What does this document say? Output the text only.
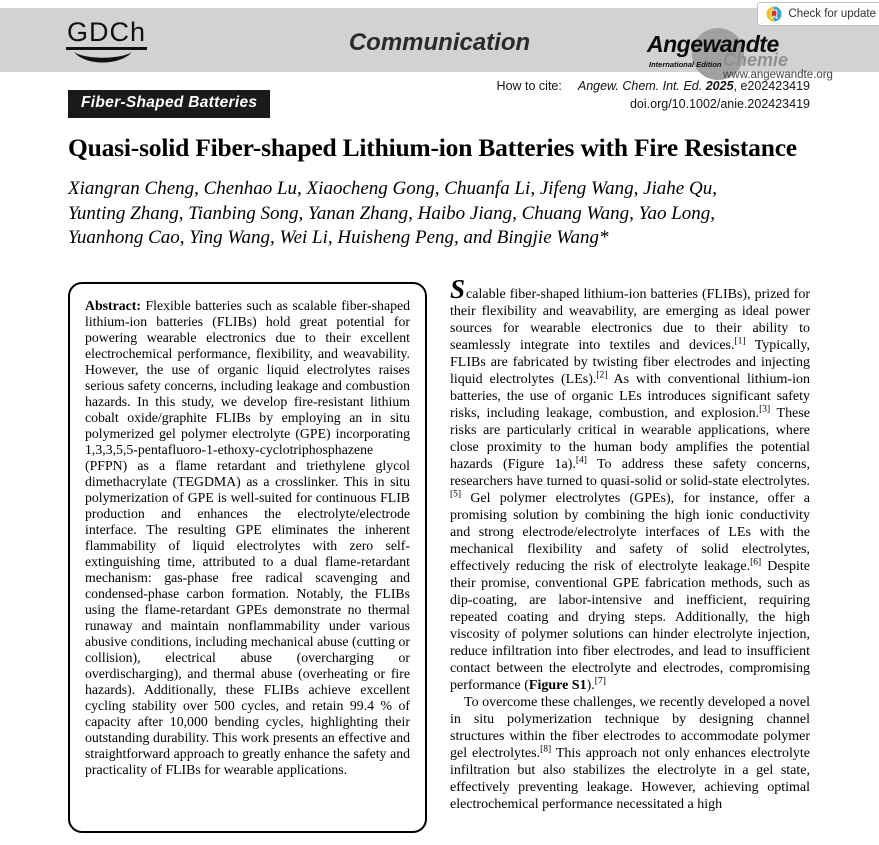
GDCh	Communication	Angewandte
International Edition Chemie
www.angewandte.org
Check for update
How to cite: Angew. Chem. Int. Ed. 2025, e202423419
doi.org/10.1002/anie.202423419
Fiber-Shaped Batteries
Quasi-solid Fiber-shaped Lithium-ion Batteries with Fire Resistance
Xiangran Cheng, Chenhao Lu, Xiaocheng Gong, Chuanfa Li, Jifeng Wang, Jiahe Qu,
Yunting Zhang, Tianbing Song, Yanan Zhang, Haibo Jiang, Chuang Wang, Yao Long,
Yuanhong Cao, Ying Wang, Wei Li, Huisheng Peng, and Bingjie Wang*
Abstract: Flexible batteries such as scalable fiber-shaped lithium-ion batteries (FLIBs) hold great potential for powering wearable electronics due to their excellent electrochemical performance, flexibility, and weavability. However, the use of organic liquid electrolytes raises serious safety concerns, including leakage and combustion hazards. In this study, we develop fire-resistant lithium cobalt oxide/graphite FLIBs by employing an in situ polymerized gel polymer electrolyte (GPE) incorporating 1,3,3,5,5-pentafluoro-1-ethoxy-cyclotriphosphazene (PFPN) as a flame retardant and triethylene glycol dimethacrylate (TEGDMA) as a crosslinker. This in situ polymerization of GPE is well-suited for continuous FLIB production and enhances the electrolyte/electrode interface. The resulting GPE eliminates the inherent flammability of liquid electrolytes with zero self-extinguishing time, attributed to a dual flame-retardant mechanism: gas-phase free radical scavenging and condensed-phase carbon formation. Notably, the FLIBs using the flame-retardant GPEs demonstrate no thermal runaway and maintain nonflammability under various abusive conditions, including mechanical abuse (cutting or collision), electrical abuse (overcharging or overdischarging), and thermal abuse (overheating or fire hazards). Additionally, these FLIBs achieve excellent cycling stability over 500 cycles, and retain 99.4 % of capacity after 10,000 bending cycles, highlighting their outstanding durability. This work presents an effective and straightforward approach to greatly enhance the safety and practicality of FLIBs for wearable applications.

Scalable fiber-shaped lithium-ion batteries (FLIBs), prized for their flexibility and weavability, are emerging as ideal power sources for wearable electronics due to their ability to seamlessly integrate into textiles and devices.[1] Typically, FLIBs are fabricated by twisting fiber electrodes and injecting liquid electrolytes (LEs).[2] As with conventional lithium-ion batteries, the use of organic LEs introduces significant safety risks, including leakage, combustion, and explosion.[3] These risks are particularly critical in wearable applications, where close proximity to the human body amplifies the potential hazards (Figure 1a).[4] To address these safety concerns, researchers have turned to quasi-solid or solid-state electrolytes.[5] Gel polymer electrolytes (GPEs), for instance, offer a promising solution by combining the high ionic conductivity and strong electrode/electrolyte interfaces of LEs with the mechanical flexibility and safety of solid electrolytes, effectively reducing the risk of electrolyte leakage.[6] Despite their promise, conventional GPE fabrication methods, such as dip-coating, are labor-intensive and inefficient, requiring repeated coating and drying steps. Additionally, the high viscosity of polymer solutions can hinder electrolyte injection, reduce infiltration into fiber electrodes, and lead to insufficient contact between the electrolyte and electrodes, compromising performance (Figure S1).[7]

To overcome these challenges, we recently developed a novel in situ polymerization technique by designing channel structures within the fiber electrodes to accommodate polymer gel electrolytes.[8] This approach not only enhances electrolyte infiltration but also stabilizes the electrolyte in a gel state, effectively preventing leakage. However, achieving optimal electrochemical performance necessitated a high
